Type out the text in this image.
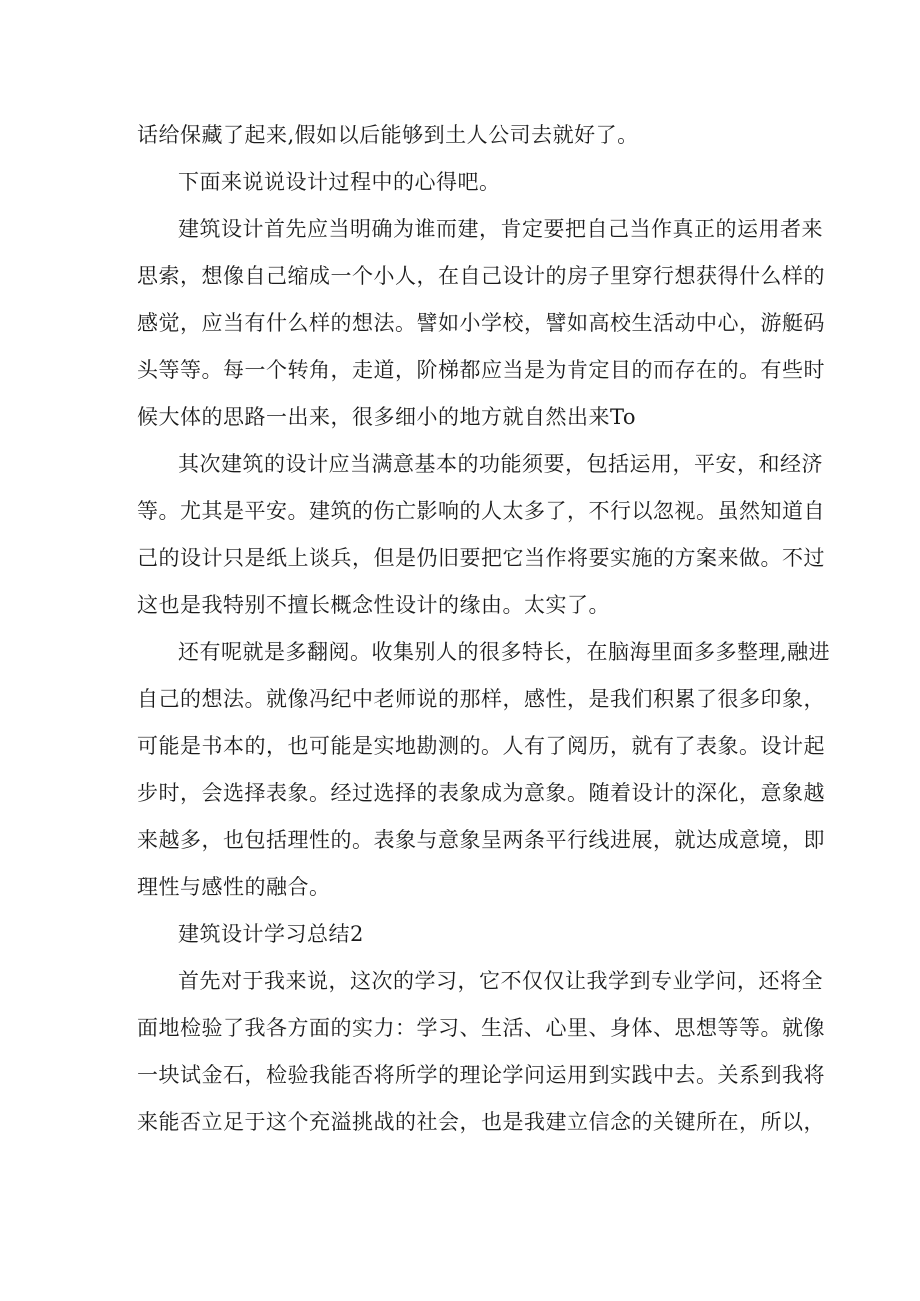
话给保藏了起来,假如以后能够到土人公司去就好了。
下面来说说设计过程中的心得吧。
建筑设计首先应当明确为谁而建，肯定要把自己当作真正的运用者来
思索，想像自己缩成一个小人，在自己设计的房子里穿行想获得什么样的
感觉，应当有什么样的想法。譬如小学校，譬如高校生活动中心，游艇码
头等等。每一个转角，走道，阶梯都应当是为肯定目的而存在的。有些时
候大体的思路一出来，很多细小的地方就自然出来To
其次建筑的设计应当满意基本的功能须要，包括运用，平安，和经济
等。尤其是平安。建筑的伤亡影响的人太多了，不行以忽视。虽然知道自
己的设计只是纸上谈兵，但是仍旧要把它当作将要实施的方案来做。不过
这也是我特别不擅长概念性设计的缘由。太实了。
还有呢就是多翻阅。收集别人的很多特长，在脑海里面多多整理,融进
自己的想法。就像冯纪中老师说的那样，感性，是我们积累了很多印象，
可能是书本的，也可能是实地勘测的。人有了阅历，就有了表象。设计起
步时，会选择表象。经过选择的表象成为意象。随着设计的深化，意象越
来越多，也包括理性的。表象与意象呈两条平行线进展，就达成意境，即
理性与感性的融合。
建筑设计学习总结2
首先对于我来说，这次的学习，它不仅仅让我学到专业学问，还将全
面地检验了我各方面的实力：学习、生活、心里、身体、思想等等。就像
一块试金石，检验我能否将所学的理论学问运用到实践中去。关系到我将
来能否立足于这个充溢挑战的社会，也是我建立信念的关键所在，所以，
